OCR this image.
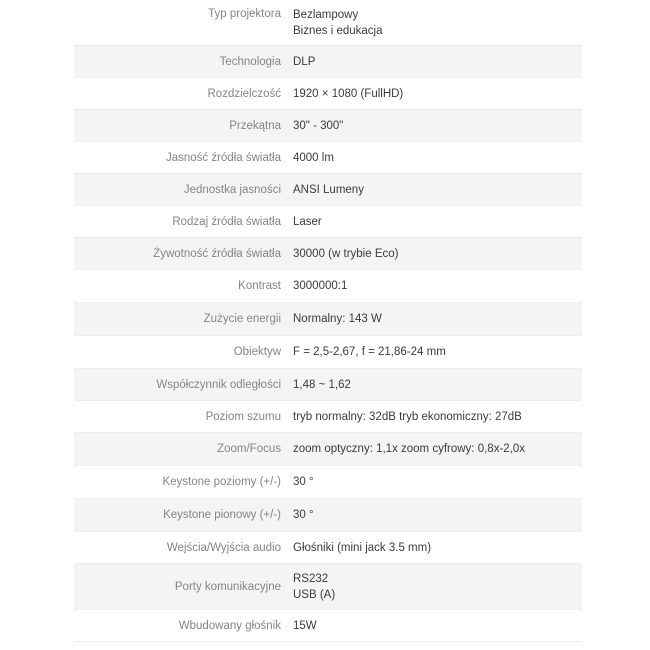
Typ projektora Bezlampowy
Biznes i edukacja
Technologia DLP
Rozdzielczość 1920 × 1080 (FullHD)
Przekątna 30" - 300"
Jasność źródła światła 4000 lm
Jednostka jasności ANSI Lumeny
Rodzaj źródła światła Laser
Żywotność źródła światła 30000 (w trybie Eco)
Kontrast 3000000:1
Zużycie energii Normalny: 143 W
Obiektyw F = 2,5-2,67, f = 21,86-24 mm
Współczynnik odległości 1,48 ~ 1,62
Poziom szumu tryb normalny: 32dB tryb ekonomiczny: 27dB
Zoom/Focus zoom optyczny: 1,1x zoom cyfrowy: 0,8x-2,0x
Keystone poziomy (+/-) 30 °
Keystone pionowy (+/-) 30 °
Wejścia/Wyjścia audio Głośniki (mini jack 3.5 mm)
Porty komunikacyjne
RS232
USB (A)
Wbudowany głośnik 15W
